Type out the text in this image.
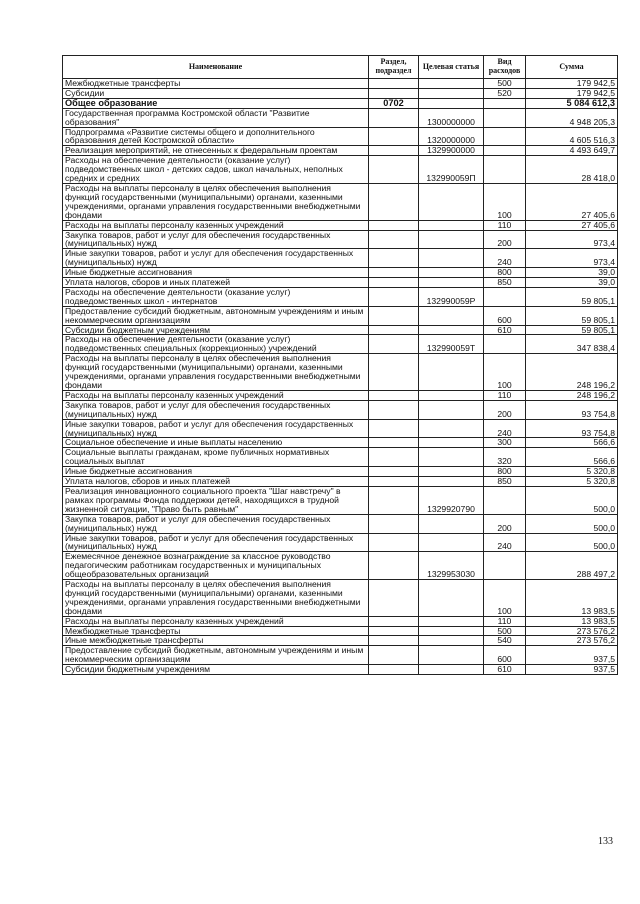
Наименование	Раздел, подраздел	Целевая статья	Вид расходов	Сумма
Межбюджетные трансферты			500	179 942,5
Субсидии			520	179 942,5
Общее образование	0702			5 084 612,3
Государственная программа Костромской области "Развитие образования"		1300000000		4 948 205,3
Подпрограмма «Развитие системы общего и дополнительного образования детей Костромской области»		1320000000		4 605 516,3
Реализация мероприятий, не отнесенных к федеральным проектам		1329900000		4 493 649,7
Расходы на обеспечение деятельности (оказание услуг) подведомственных школ - детских садов, школ начальных, неполных средних и средних		132990059П		28 418,0
Расходы на выплаты персоналу в целях обеспечения выполнения функций государственными (муниципальными) органами, казенными учреждениями, органами управления государственными внебюджетными фондами			100	27 405,6
Расходы на выплаты персоналу казенных учреждений			110	27 405,6
Закупка товаров, работ и услуг для обеспечения государственных (муниципальных) нужд			200	973,4
Иные закупки товаров, работ и услуг для обеспечения государственных (муниципальных) нужд			240	973,4
Иные бюджетные ассигнования			800	39,0
Уплата налогов, сборов и иных платежей			850	39,0
Расходы на обеспечение деятельности (оказание услуг) подведомственных школ - интернатов		132990059Р		59 805,1
Предоставление субсидий бюджетным, автономным учреждениям и иным некоммерческим организациям			600	59 805,1
Субсидии бюджетным учреждениям			610	59 805,1
Расходы на обеспечение деятельности (оказание услуг) подведомственных специальных (коррекционных) учреждений		132990059Т		347 838,4
Расходы на выплаты персоналу в целях обеспечения выполнения функций государственными (муниципальными) органами, казенными учреждениями, органами управления государственными внебюджетными фондами			100	248 196,2
Расходы на выплаты персоналу казенных учреждений			110	248 196,2
Закупка товаров, работ и услуг для обеспечения государственных (муниципальных) нужд			200	93 754,8
Иные закупки товаров, работ и услуг для обеспечения государственных (муниципальных) нужд			240	93 754,8
Социальное обеспечение и иные выплаты населению			300	566,6
Социальные выплаты гражданам, кроме публичных нормативных социальных выплат			320	566,6
Иные бюджетные ассигнования			800	5 320,8
Уплата налогов, сборов и иных платежей			850	5 320,8
Реализация инновационного социального проекта "Шаг навстречу" в рамках программы Фонда поддержки детей, находящихся в трудной жизненной ситуации, "Право быть равным"		1329920790		500,0
Закупка товаров, работ и услуг для обеспечения государственных (муниципальных) нужд			200	500,0
Иные закупки товаров, работ и услуг для обеспечения государственных (муниципальных) нужд			240	500,0
Ежемесячное денежное вознаграждение за классное руководство педагогическим работникам государственных и муниципальных общеобразовательных организаций		1329953030		288 497,2
Расходы на выплаты персоналу в целях обеспечения выполнения функций государственными (муниципальными) органами, казенными учреждениями, органами управления государственными внебюджетными фондами			100	13 983,5
Расходы на выплаты персоналу казенных учреждений			110	13 983,5
Межбюджетные трансферты			500	273 576,2
Иные межбюджетные трансферты			540	273 576,2
Предоставление субсидий бюджетным, автономным учреждениям и иным некоммерческим организациям			600	937,5
Субсидии бюджетным учреждениям			610	937,5
133
